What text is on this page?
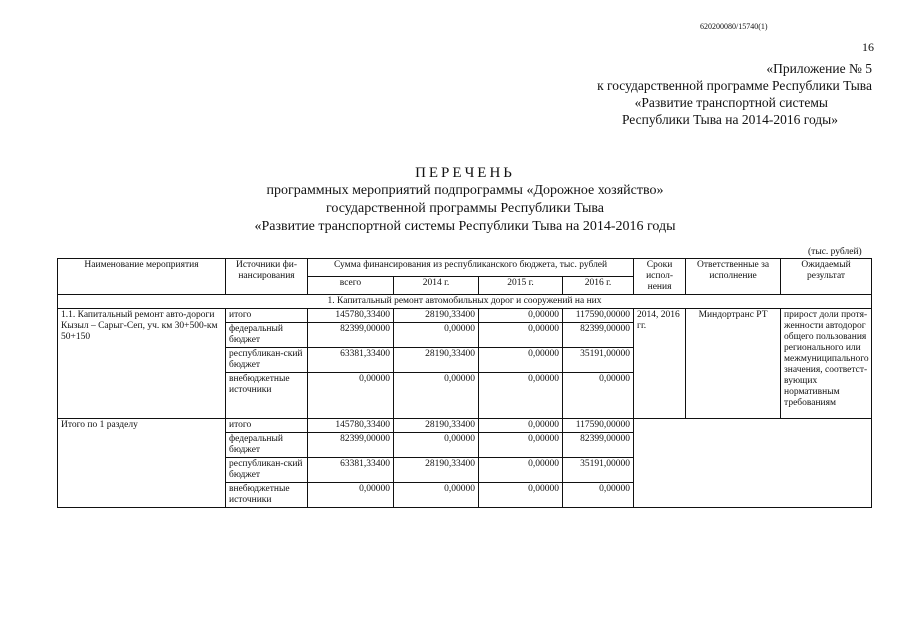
620200080/15740(1)
16
«Приложение № 5
к государственной программе Республики Тыва
«Развитие транспортной системы
Республики Тыва на 2014-2016 годы»
ПЕРЕЧЕНЬ
программных мероприятий подпрограммы «Дорожное хозяйство»
государственной программы Республики Тыва
«Развитие транспортной системы Республики Тыва на 2014-2016 годы
(тыс. рублей)
Наименование мероприятия	Источники фи-нансирования	Сумма финансирования из республиканского бюджета, тыс. рублей				Сроки испол-нения	Ответственные за исполнение	Ожидаемый результат
		всего	2014 г.	2015 г.	2016 г.			
1. Капитальный ремонт автомобильных дорог и сооружений на них								
1.1. Капитальный ремонт авто-дороги Кызыл – Сарыг-Сеп, уч. км 30+500-км 50+150	итого	145780,33400	28190,33400	0,00000	117590,00000	2014, 2016 гг.	Миндортранс РТ	прирост доли протя-женности автодорог общего пользования регионального или межмуниципального значения, соответст-вующих нормативным требованиям
	федеральный бюджет	82399,00000	0,00000	0,00000	82399,00000			
	республикан-ский бюджет	63381,33400	28190,33400	0,00000	35191,00000			
	внебюджетные источники	0,00000	0,00000	0,00000	0,00000			
Итого по 1 разделу	итого	145780,33400	28190,33400	0,00000	117590,00000			
	федеральный бюджет	82399,00000	0,00000	0,00000	82399,00000			
	республикан-ский бюджет	63381,33400	28190,33400	0,00000	35191,00000			
	внебюджетные источники	0,00000	0,00000	0,00000	0,00000			
